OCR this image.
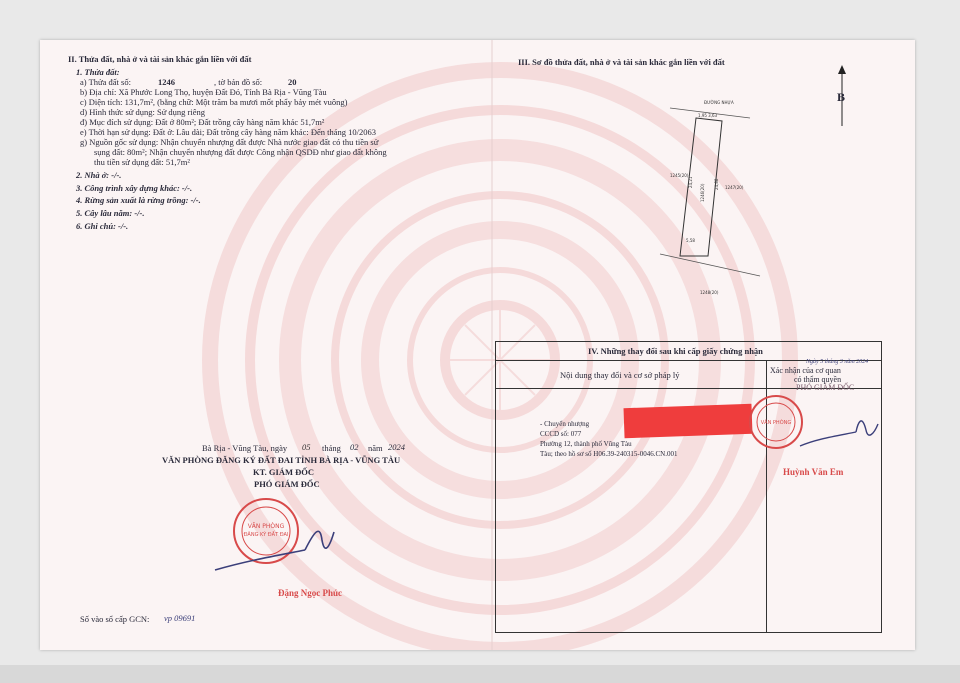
II. Thửa đất, nhà ở và tài sản khác gắn liền với đất
1. Thửa đất:
a) Thửa đất số:	1246	, tờ bản đồ số:	20
b) Địa chỉ: Xã Phước Long Thọ, huyện Đất Đỏ, Tỉnh Bà Rịa - Vũng Tàu
c) Diện tích: 131,7m², (bằng chữ: Một trăm ba mươi mốt phẩy bảy mét vuông)
d) Hình thức sử dụng: Sử dụng riêng
đ) Mục đích sử dụng: Đất ở 80m²; Đất trồng cây hàng năm khác 51,7m²
e) Thời hạn sử dụng: Đất ở: Lâu dài; Đất trồng cây hàng năm khác: Đến tháng 10/2063
g) Nguồn gốc sử dụng: Nhận chuyển nhượng đất được Nhà nước giao đất có thu tiền sử
sụng đất: 80m²; Nhận chuyển nhượng đất được Công nhận QSDĐ như giao đất không
thu tiền sử dụng đất: 51,7m²
2. Nhà ở: -/-.
3. Công trình xây dựng khác: -/-.
4. Rừng sản xuất là rừng trồng: -/-.
5. Cây lâu năm: -/-.
6. Ghi chú: -/-.
Bà Rịa - Vũng Tàu, ngày 05 tháng 02 năm 2024
VĂN PHÒNG ĐĂNG KÝ ĐẤT ĐAI TỈNH BÀ RỊA - VŨNG TÀU
KT. GIÁM ĐỐC
PHÓ GIÁM ĐỐC
VĂN PHÒNG
ĐĂNG KÝ ĐẤT ĐAI
Đặng Ngọc Phúc
Số vào sổ cấp GCN: vp 09691
III. Sơ đồ thửa đất, nhà ở và tài sản khác gắn liền với đất
B
ĐƯỜNG NHỰA
1,95 3,63
1245(20)
1247(20)
5,58
1248(20)
1246(20)
24,21	24,88
IV. Những thay đổi sau khi cấp giấy chứng nhận
Nội dung thay đổi và cơ sở pháp lý	Xác nhận của cơ quan
có thẩm quyền
Ngày 5 tháng 3 năm 2024
PHÓ GIÁM ĐỐC
- Chuyển nhượng
CCCD số: 077
Phường 12, thành phố Vũng Tàu
Tàu; theo hồ sơ số H06.39-240315-0046.CN.001
VĂN PHÒNG
Huỳnh Văn Em
